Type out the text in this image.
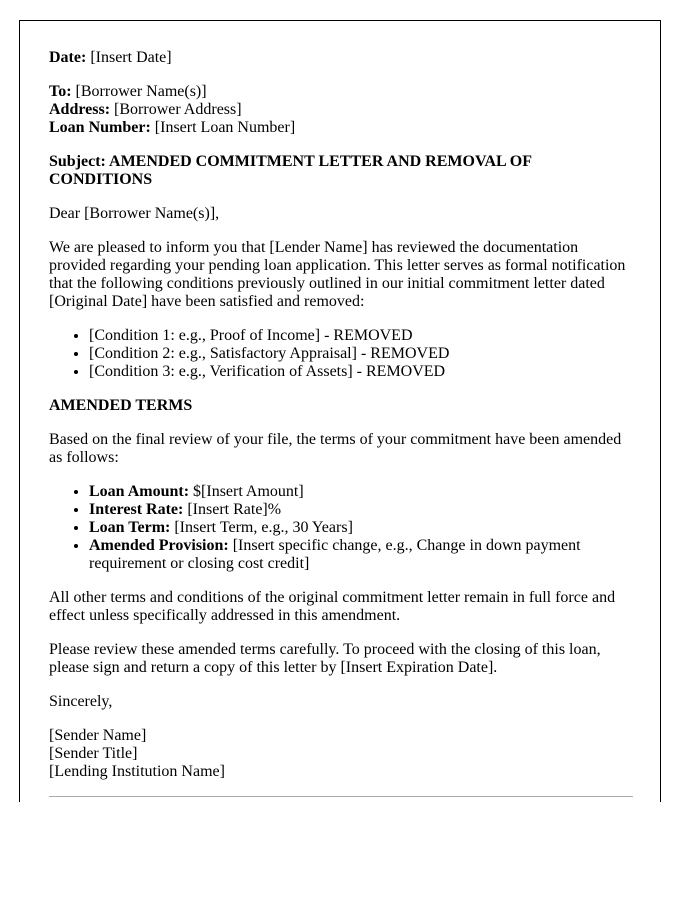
Date: [Insert Date]

To: [Borrower Name(s)]
Address: [Borrower Address]
Loan Number: [Insert Loan Number]

Subject: AMENDED COMMITMENT LETTER AND REMOVAL OF CONDITIONS

Dear [Borrower Name(s)],

We are pleased to inform you that [Lender Name] has reviewed the documentation provided regarding your pending loan application. This letter serves as formal notification that the following conditions previously outlined in our initial commitment letter dated [Original Date] have been satisfied and removed:

• [Condition 1: e.g., Proof of Income] - REMOVED
• [Condition 2: e.g., Satisfactory Appraisal] - REMOVED
• [Condition 3: e.g., Verification of Assets] - REMOVED
AMENDED TERMS

Based on the final review of your file, the terms of your commitment have been amended as follows:

• Loan Amount: $[Insert Amount]
• Interest Rate: [Insert Rate]%
• Loan Term: [Insert Term, e.g., 30 Years]
• Amended Provision: [Insert specific change, e.g., Change in down payment requirement or closing cost credit]

All other terms and conditions of the original commitment letter remain in full force and effect unless specifically addressed in this amendment.

Please review these amended terms carefully. To proceed with the closing of this loan, please sign and return a copy of this letter by [Insert Expiration Date].

Sincerely,

[Sender Name]
[Sender Title]
[Lending Institution Name]
